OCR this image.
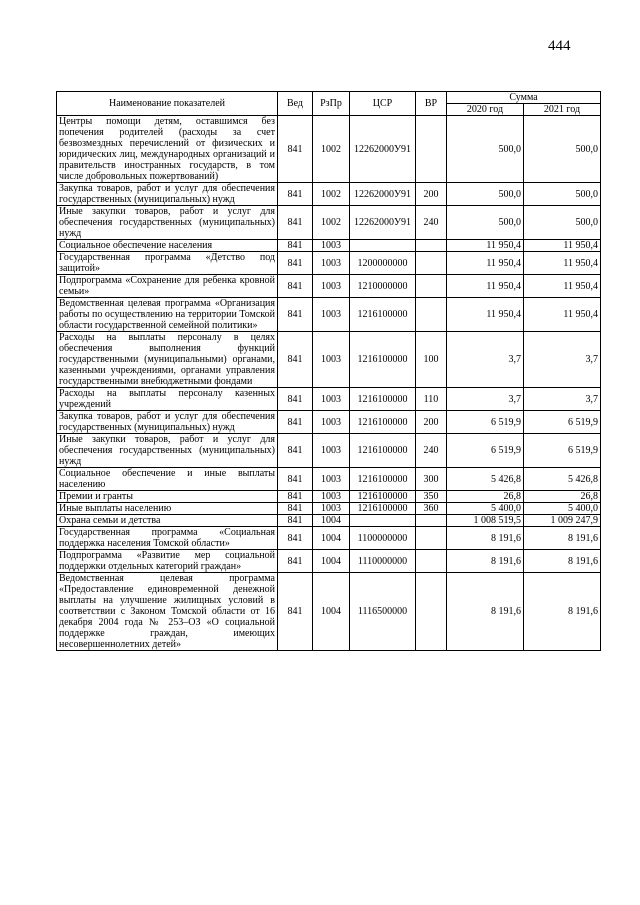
444
Наименование показателей	Вед	РзПр	ЦСР	ВР	Сумма	
					2020 год	2021 год
Центры помощи детям, оставшимся без попечения родителей (расходы за счет безвозмездных перечислений от физических и юридических лиц, международных организаций и правительств иностранных государств, в том числе добровольных пожертвований)	841	1002	12262000У91		500,0	500,0
Закупка товаров, работ и услуг для обеспечения государственных (муниципальных) нужд	841	1002	12262000У91	200	500,0	500,0
Иные закупки товаров, работ и услуг для обеспечения государственных (муниципальных) нужд	841	1002	12262000У91	240	500,0	500,0
Социальное обеспечение населения	841	1003			11 950,4	11 950,4
Государственная программа «Детство под защитой»	841	1003	1200000000		11 950,4	11 950,4
Подпрограмма «Сохранение для ребенка кровной семьи»	841	1003	1210000000		11 950,4	11 950,4
Ведомственная целевая программа «Организация работы по осуществлению на территории Томской области государственной семейной политики»	841	1003	1216100000		11 950,4	11 950,4
Расходы на выплаты персоналу в целях обеспечения выполнения функций государственными (муниципальными) органами, казенными учреждениями, органами управления государственными внебюджетными фондами	841	1003	1216100000	100	3,7	3,7
Расходы на выплаты персоналу казенных учреждений	841	1003	1216100000	110	3,7	3,7
Закупка товаров, работ и услуг для обеспечения государственных (муниципальных) нужд	841	1003	1216100000	200	6 519,9	6 519,9
Иные закупки товаров, работ и услуг для обеспечения государственных (муниципальных) нужд	841	1003	1216100000	240	6 519,9	6 519,9
Социальное обеспечение и иные выплаты населению	841	1003	1216100000	300	5 426,8	5 426,8
Премии и гранты	841	1003	1216100000	350	26,8	26,8
Иные выплаты населению	841	1003	1216100000	360	5 400,0	5 400,0
Охрана семьи и детства	841	1004			1 008 519,5	1 009 247,9
Государственная программа «Социальная поддержка населения Томской области»	841	1004	1100000000		8 191,6	8 191,6
Подпрограмма «Развитие мер социальной поддержки отдельных категорий граждан»	841	1004	1110000000		8 191,6	8 191,6
Ведомственная целевая программа «Предоставление единовременной денежной выплаты на улучшение жилищных условий в соответствии с Законом Томской области от 16 декабря 2004 года № 253–ОЗ «О социальной поддержке граждан, имеющих несовершеннолетних детей»	841	1004	1116500000		8 191,6	8 191,6
